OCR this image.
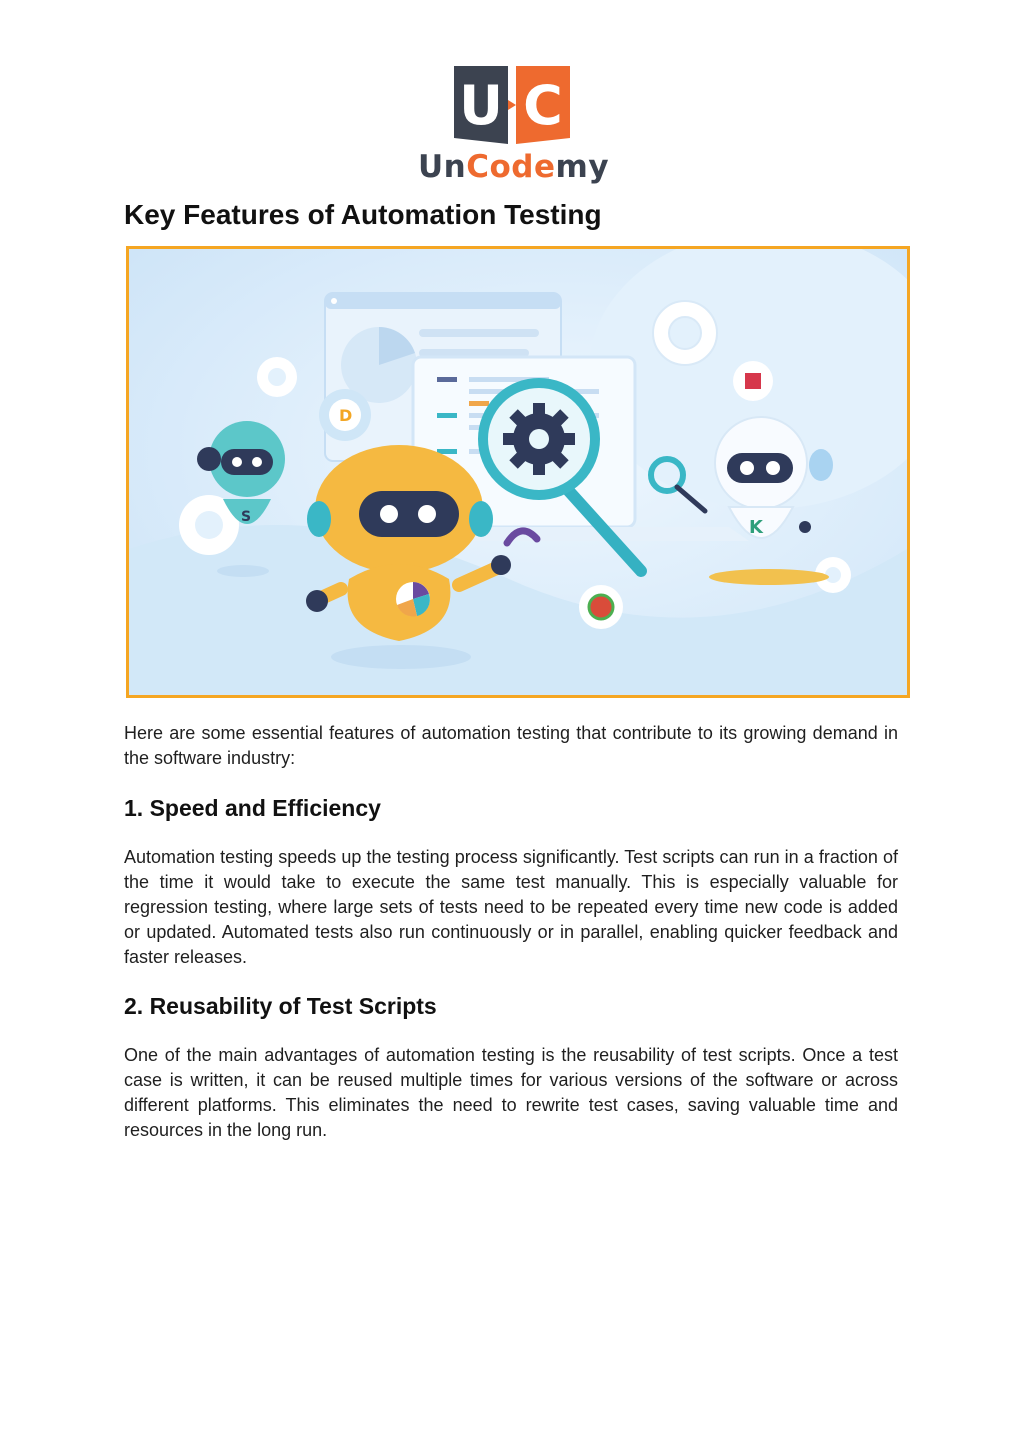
U C
UnCodemy
Key Features of Automation Testing
D
S	K

Here are some essential features of automation testing that contribute to its growing demand in the software industry:

1. Speed and Efficiency

Automation testing speeds up the testing process significantly. Test scripts can run in a fraction of the time it would take to execute the same test manually. This is especially valuable for regression testing, where large sets of tests need to be repeated every time new code is added or updated. Automated tests also run continuously or in parallel, enabling quicker feedback and faster releases.

2. Reusability of Test Scripts

One of the main advantages of automation testing is the reusability of test scripts. Once a test case is written, it can be reused multiple times for various versions of the software or across different platforms. This eliminates the need to rewrite test cases, saving valuable time and resources in the long run.
